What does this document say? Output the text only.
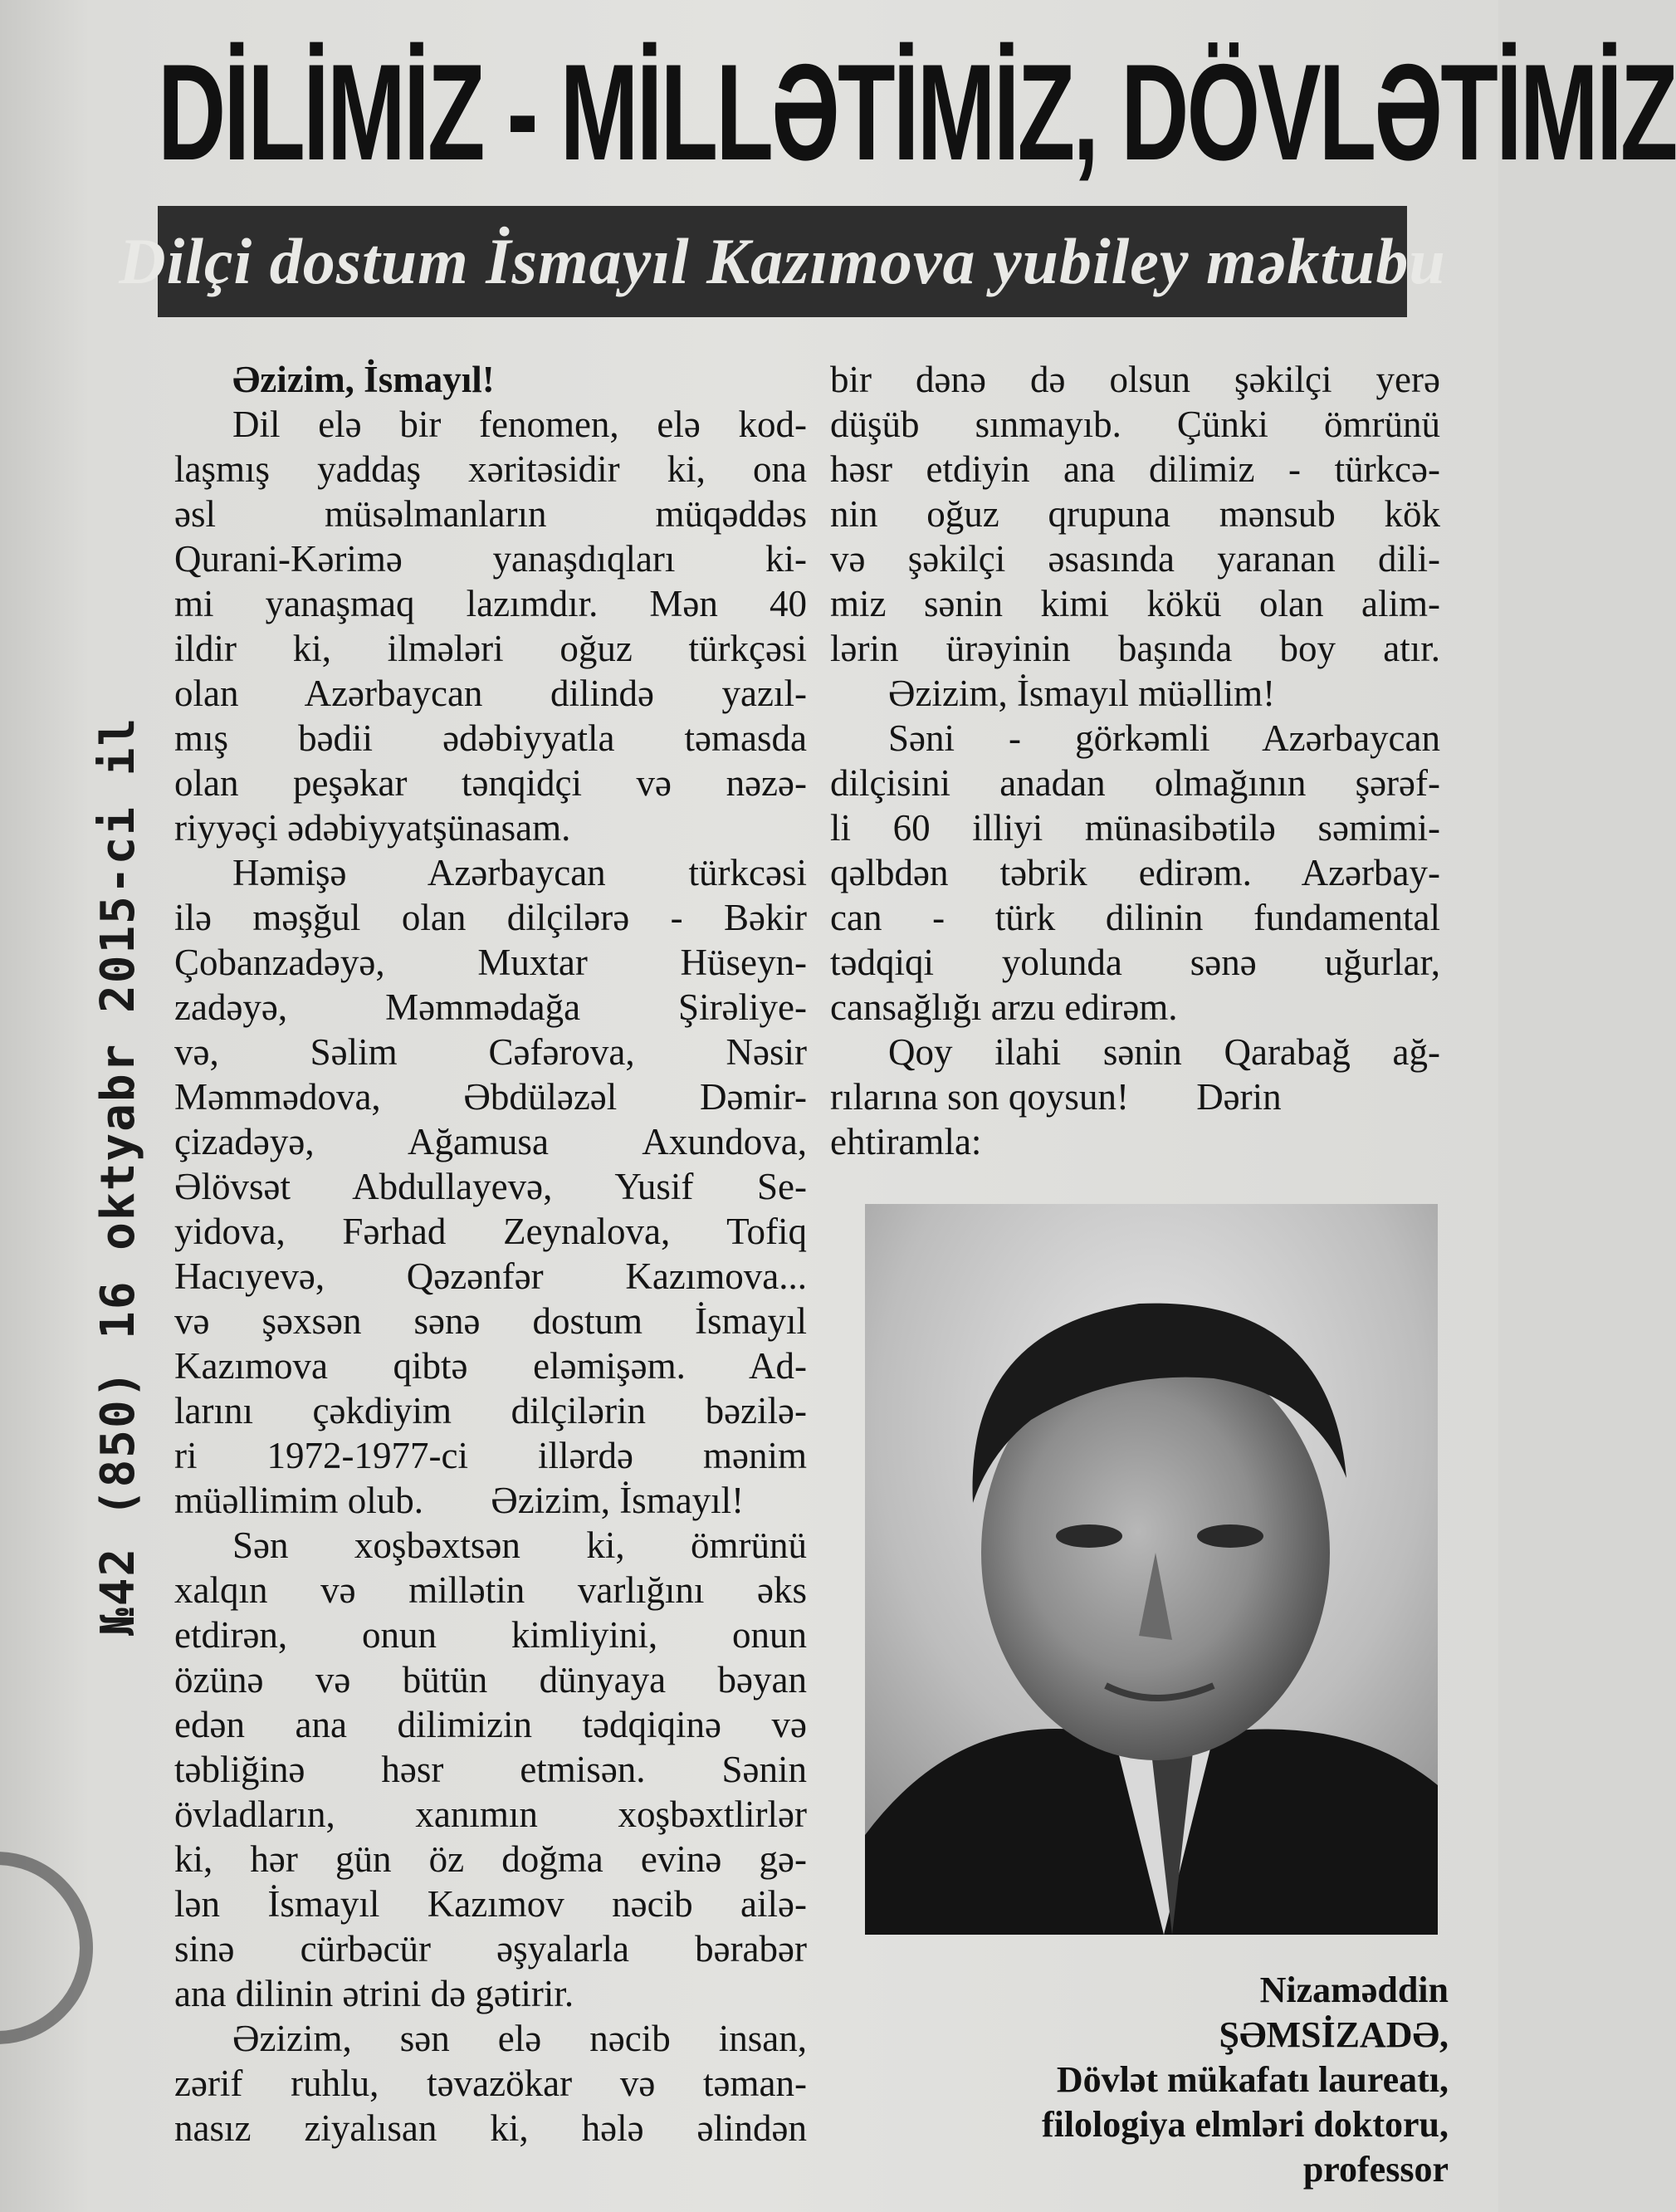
DİLİMİZ - MİLLƏTİMİZ, DÖVLƏTİMİZ
Dilçi dostum İsmayıl Kazımova yubiley məktubu
№42 (850) 16 oktyabr 2015-ci il
Əzizim, İsmayıl!
Dil elə bir fenomen, elə kod-
laşmış yaddaş xəritəsidir ki, ona
əsl müsəlmanların müqəddəs
Qurani-Kərimə yanaşdıqları ki-
mi yanaşmaq lazımdır. Mən 40
ildir ki, ilmələri oğuz türkçəsi
olan Azərbaycan dilində yazıl-
mış bədii ədəbiyyatla təmasda
olan peşəkar tənqidçi və nəzə-
riyyəçi ədəbiyyatşünasam.
Həmişə Azərbaycan türkcəsi
ilə məşğul olan dilçilərə - Bəkir
Çobanzadəyə, Muxtar Hüseyn-
zadəyə, Məmmədağa Şirəliye-
və, Səlim Cəfərova, Nəsir
Məmmədova, Əbdüləzəl Dəmir-
çizadəyə, Ağamusa Axundova,
Əlövsət Abdullayevə, Yusif Se-
yidova, Fərhad Zeynalova, Tofiq
Hacıyevə, Qəzənfər Kazımova...
və şəxsən sənə dostum İsmayıl
Kazımova qibtə eləmişəm. Ad-
larını çəkdiyim dilçilərin bəzilə-
ri 1972-1977-ci illərdə mənim
müəllimim olub. Əzizim, İsmayıl!
Sən xoşbəxtsən ki, ömrünü
xalqın və millətin varlığını əks
etdirən, onun kimliyini, onun
özünə və bütün dünyaya bəyan
edən ana dilimizin tədqiqinə və
təbliğinə həsr etmisən. Sənin
övladların, xanımın xoşbəxtlirlər
ki, hər gün öz doğma evinə gə-
lən İsmayıl Kazımov nəcib ailə-
sinə cürbəcür əşyalarla bərabər
ana dilinin ətrini də gətirir.
Əzizim, sən elə nəcib insan,
zərif ruhlu, təvazökar və təman-
nasız ziyalısan ki, hələ əlindən
bir dənə də olsun şəkilçi yerə
düşüb sınmayıb. Çünki ömrünü
həsr etdiyin ana dilimiz - türkcə-
nin oğuz qrupuna mənsub kök
və şəkilçi əsasında yaranan dili-
miz sənin kimi kökü olan alim-
lərin ürəyinin başında boy atır.
Əzizim, İsmayıl müəllim!
Səni - görkəmli Azərbaycan
dilçisini anadan olmağının şərəf-
li 60 illiyi münasibətilə səmimi-
qəlbdən təbrik edirəm. Azərbay-
can - türk dilinin fundamental
tədqiqi yolunda sənə uğurlar,
cansağlığı arzu edirəm.
Qoy ilahi sənin Qarabağ ağ-
rılarına son qoysun! Dərin ehtiramla:
Nizaməddin
ŞƏMSİZADƏ,
Dövlət mükafatı laureatı,
filologiya elmləri doktoru,
professor
